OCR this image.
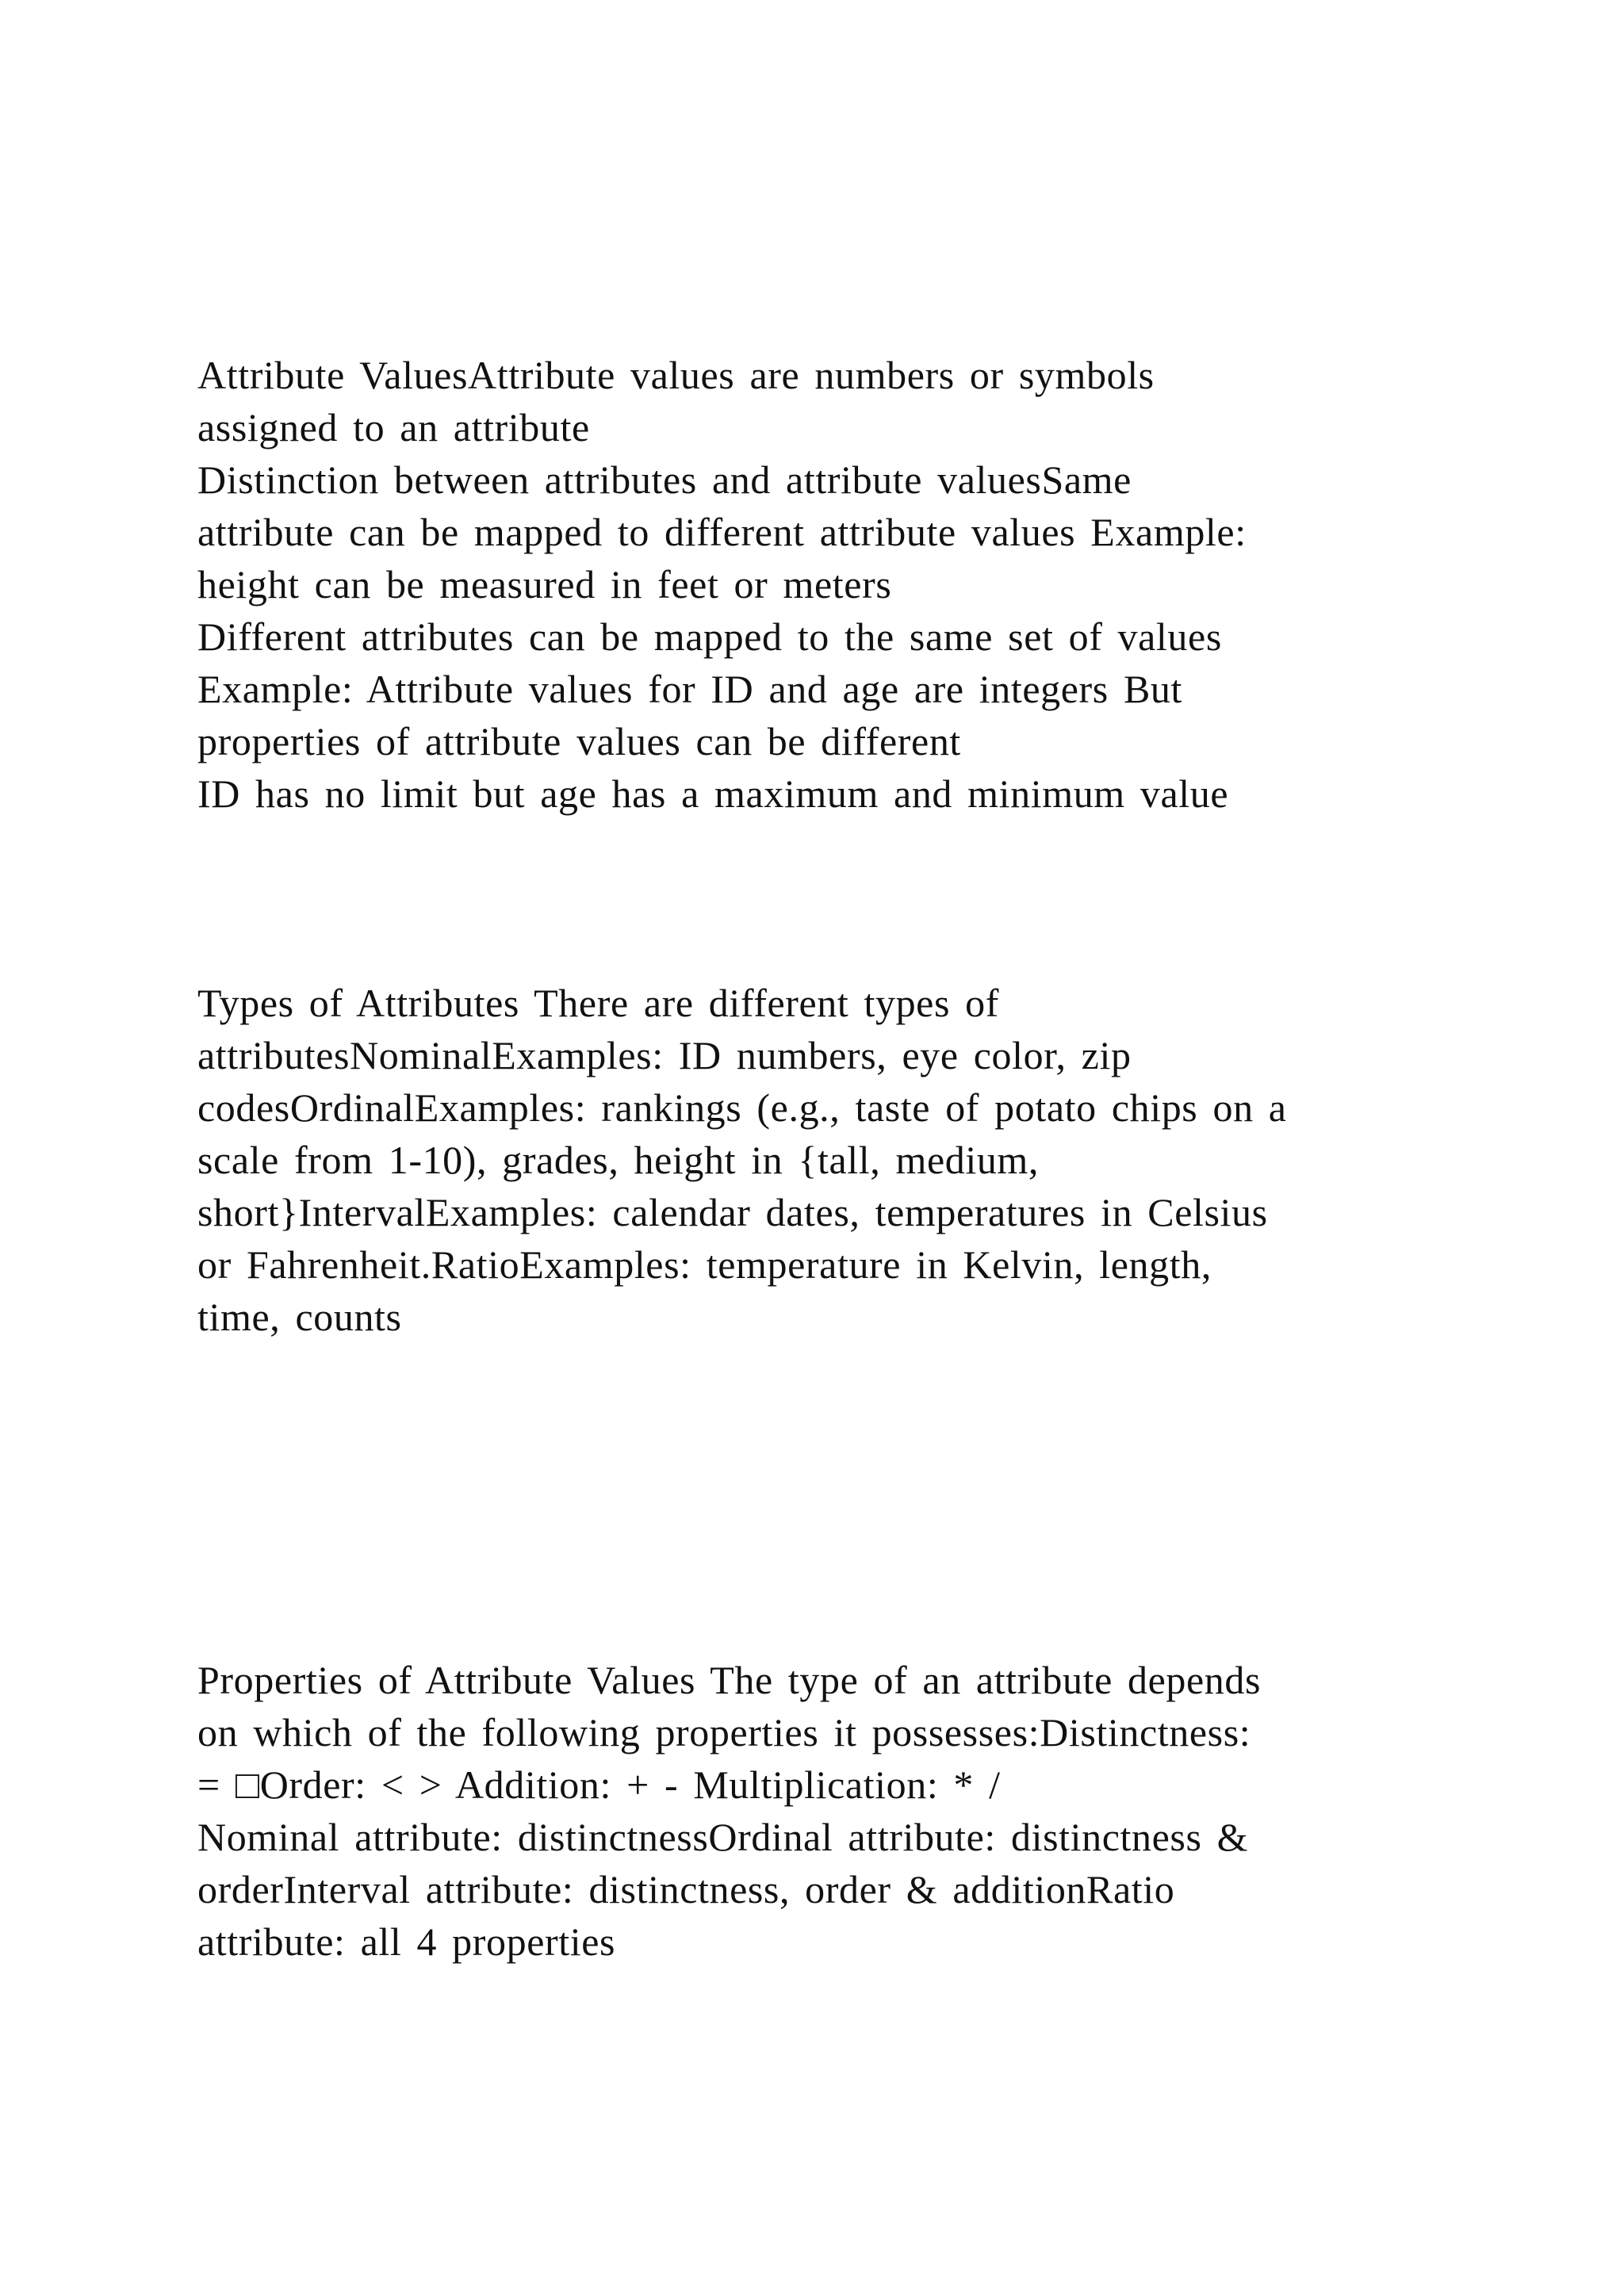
Attribute ValuesAttribute values are numbers or symbols

assigned to an attribute

Distinction between attributes and attribute valuesSame

attribute can be mapped to different attribute values Example:

height can be measured in feet or meters

Different attributes can be mapped to the same set of values

Example: Attribute values for ID and age are integers But

properties of attribute values can be different

ID has no limit but age has a maximum and minimum value

Types of Attributes There are different types of

attributesNominalExamples: ID numbers, eye color, zip

codesOrdinalExamples: rankings (e.g., taste of potato chips on a

scale from 1-10), grades, height in {tall, medium,

short}IntervalExamples: calendar dates, temperatures in Celsius

or Fahrenheit.RatioExamples: temperature in Kelvin, length,

time, counts

Properties of Attribute Values The type of an attribute depends

on which of the following properties it possesses:Distinctness:

= □Order: < > Addition: + - Multiplication: * /

Nominal attribute: distinctnessOrdinal attribute: distinctness &

orderInterval attribute: distinctness, order & additionRatio

attribute: all 4 properties
